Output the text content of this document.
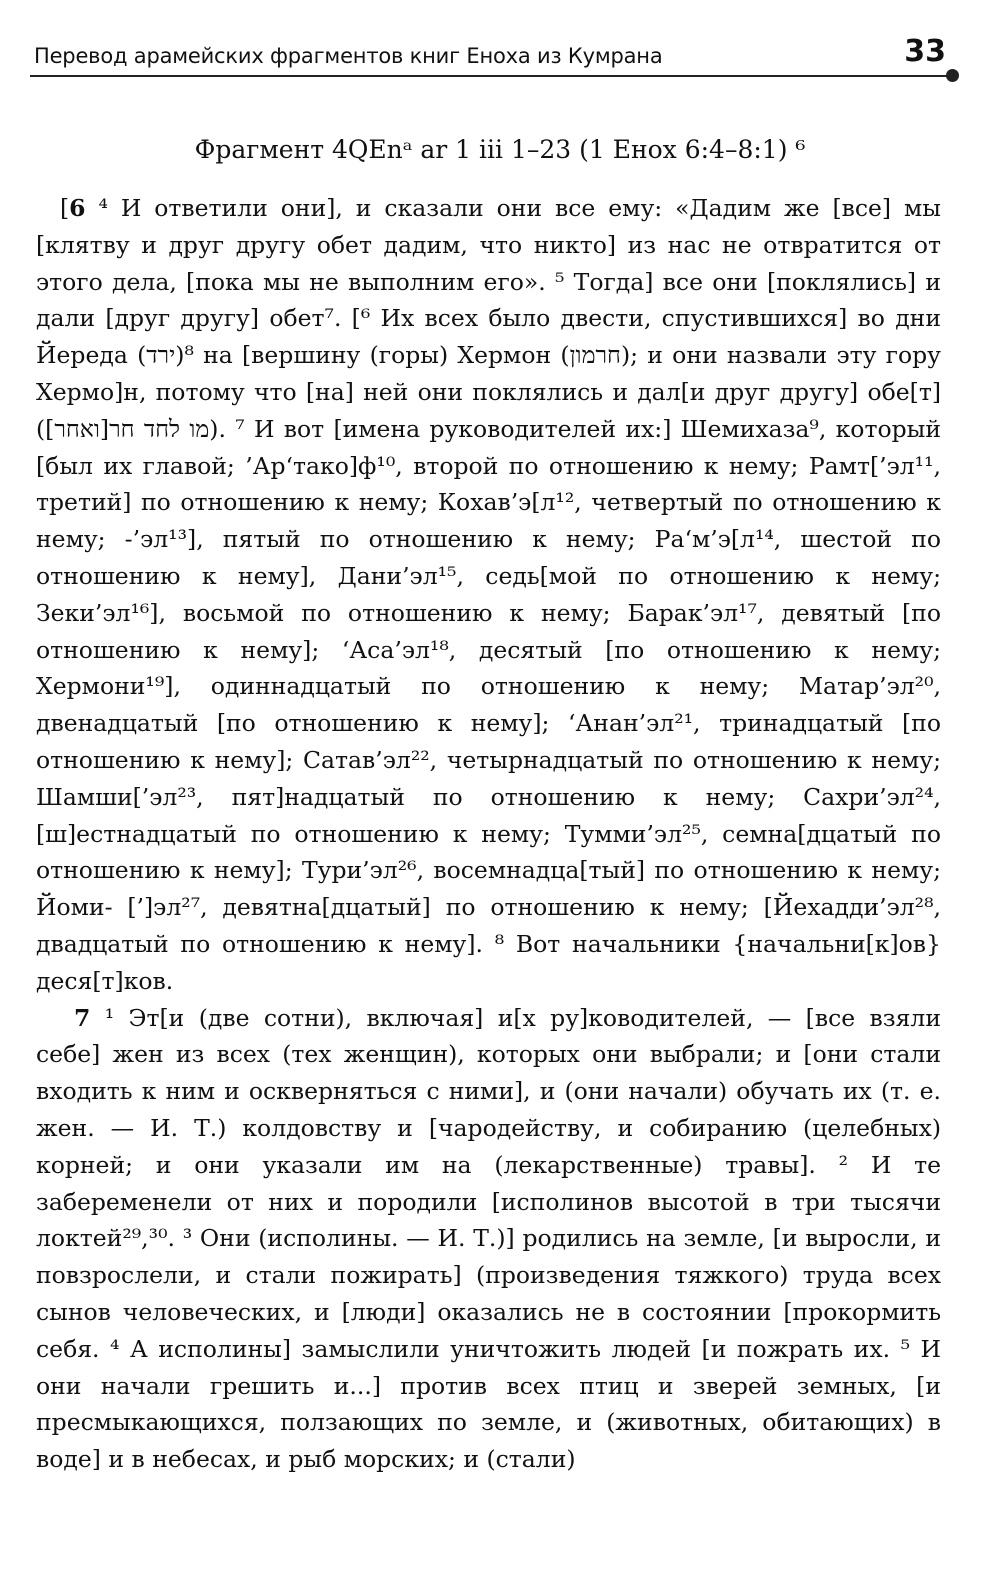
Перевод арамейских фрагментов книг Еноха из Кумрана	33
Фрагмент 4QEnᵃ ar 1 iii 1–23 (1 Енох 6:4–8:1) ⁶

[6 ⁴ И ответили они], и сказали они все ему: «Дадим же [все] мы [клятву и друг другу обет дадим, что никто] из нас не отвратится от этого дела, [пока мы не выполним его». ⁵ Тогда] все они [поклялись] и дали [друг другу] обет⁷. [⁶ Их всех было двести, спустившихся] во дни Йереда (ירד)⁸ на [вершину (горы) Хермон (חרמון); и они назвали эту гору Хермо]н, потому что [на] ней они поклялись и дал[и друг другу] обе[т] ([ואחר]מו לחד חר). ⁷ И вот [имена руководителей их:] Шемихаза⁹, который [был их главой; ’Ар‘тако]ф¹⁰, второй по отношению к нему; Рамт[’эл¹¹, третий] по отношению к нему; Кохав’э[л¹², четвертый по отношению к нему; -’эл¹³], пятый по отношению к нему; Ра‘м’э[л¹⁴, шестой по отношению к нему], Дани’эл¹⁵, седь[мой по отношению к нему; Зеки’эл¹⁶], восьмой по отношению к нему; Барак’эл¹⁷, девятый [по отношению к нему]; ‘Аса’эл¹⁸, десятый [по отношению к нему; Хермони¹⁹], одиннадцатый по отношению к нему; Матар’эл²⁰, двенадцатый [по отношению к нему]; ‘Анан’эл²¹, тринадцатый [по отношению к нему]; Сатав’эл²², четырнадцатый по отношению к нему; Шамши[’эл²³, пят]надцатый по отношению к нему; Сахри’эл²⁴, [ш]естнадцатый по отношению к нему; Тумми’эл²⁵, семна[дцатый по отношению к нему]; Тури’эл²⁶, восемнадца[тый] по отношению к нему; Йоми- [’]эл²⁷, девятна[дцатый] по отношению к нему; [Йехадди’эл²⁸, двадцатый по отношению к нему]. ⁸ Вот начальники {начальни[к]ов} деся[т]ков.

7 ¹ Эт[и (две сотни), включая] и[х ру]ководителей, — [все взяли себе] жен из всех (тех женщин), которых они выбрали; и [они стали входить к ним и оскверняться с ними], и (они начали) обучать их (т. е. жен. — И. Т.) колдовству и [чародейству, и собиранию (целебных) корней; и они указали им на (лекарственные) травы]. ² И те забеременели от них и породили [исполинов высотой в три тысячи локтей²⁹,³⁰. ³ Они (исполины. — И. Т.)] родились на земле, [и выросли, и повзрослели, и стали пожирать] (произведения тяжкого) труда всех сынов человеческих, и [люди] оказались не в состоянии [прокормить себя. ⁴ А исполины] замыслили уничтожить людей [и пожрать их. ⁵ И они начали грешить и...] против всех птиц и зверей земных, [и пресмыкающихся, ползающих по земле, и (животных, обитающих) в воде] и в небесах, и рыб морских; и (стали)
